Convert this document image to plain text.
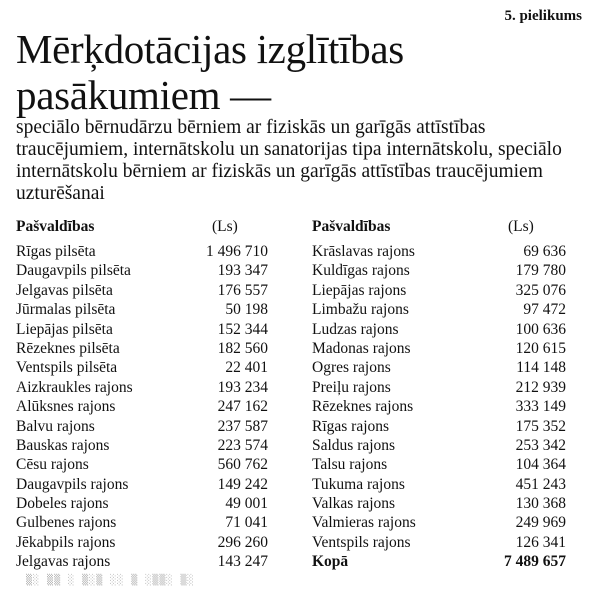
5. pielikums
Mērķdotācijas izglītības pasākumiem —

speciālo bērnudārzu bērniem ar fiziskās un garīgās attīstības traucējumiem, internātskolu un sanatorijas tipa internātskolu, speciālo internātskolu bērniem ar fiziskās un garīgās attīstības traucējumiem uzturēšanai

Pašvaldības	(Ls)
Rīgas pilsēta	1 496 710
Daugavpils pilsēta	193 347
Jelgavas pilsēta	176 557
Jūrmalas pilsēta	50 198
Liepājas pilsēta	152 344
Rēzeknes pilsēta	182 560
Ventspils pilsēta	22 401
Aizkraukles rajons	193 234
Alūksnes rajons	247 162
Balvu rajons	237 587
Bauskas rajons	223 574
Cēsu rajons	560 762
Daugavpils rajons	149 242
Dobeles rajons	49 001
Gulbenes rajons	71 041
Jēkabpils rajons	296 260
Jelgavas rajons	143 247
Pašvaldības	(Ls)
Krāslavas rajons	69 636
Kuldīgas rajons	179 780
Liepājas rajons	325 076
Limbažu rajons	97 472
Ludzas rajons	100 636
Madonas rajons	120 615
Ogres rajons	114 148
Preiļu rajons	212 939
Rēzeknes rajons	333 149
Rīgas rajons	175 352
Saldus rajons	253 342
Talsu rajons	104 364
Tukuma rajons	451 243
Valkas rajons	130 368
Valmieras rajons	249 969
Ventspils rajons	126 341
Kopā	7 489 657
▒░ ▒▒ ░ ▒░▒ ░░ ▒ ░▒▒░ ▒░
